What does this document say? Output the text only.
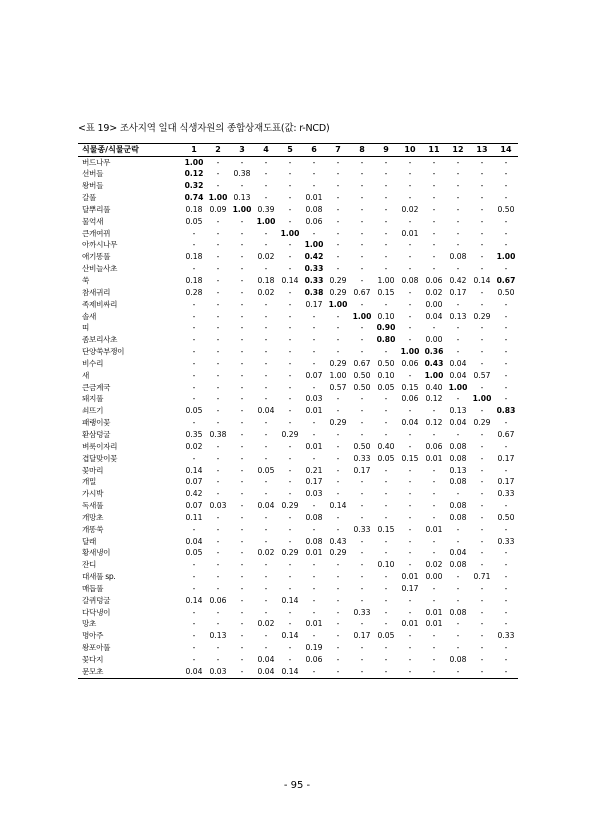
<표 19> 조사지역 일대 식생자원의 종합상재도표(값: r-NCD)
식물종/식물군락	1	2	3	4	5	6	7	8	9	10	11	12	13	14
버드나무	1.00	-	-	-	-	-	-	-	-	-	-	-	-	-
선버들	0.12	-	0.38	-	-	-	-	-	-	-	-	-	-	-
왕버들	0.32	-	-	-	-	-	-	-	-	-	-	-	-	-
갈풀	0.74	1.00	0.13	-	-	0.01	-	-	-	-	-	-	-	-
달뿌리풀	0.18	0.09	1.00	0.39	-	0.08	-	-	-	0.02	-	-	-	0.50
물억새	0.05	-	-	1.00	-	0.06	-	-	-	-	-	-	-	-
큰개여뀌	-	-	-	-	1.00	-	-	-	-	0.01	-	-	-	-
아까시나무	-	-	-	-	-	1.00	-	-	-	-	-	-	-	-
애기똥풀	0.18	-	-	0.02	-	0.42	-	-	-	-	-	0.08	-	1.00
산비늘사초	-	-	-	-	-	0.33	-	-	-	-	-	-	-	-
쑥	0.18	-	-	0.18	0.14	0.33	0.29	-	1.00	0.08	0.06	0.42	0.14	0.67
참새귀리	0.28	-	-	0.02	-	0.38	0.29	0.67	0.15	-	0.02	0.17	-	0.50
족제비싸리	-	-	-	-	-	0.17	1.00	-	-	-	0.00	-	-	-
솔새	-	-	-	-	-	-	-	1.00	0.10	-	0.04	0.13	0.29	-
띠	-	-	-	-	-	-	-	-	0.90	-	-	-	-	-
좀보리사초	-	-	-	-	-	-	-	-	0.80	-	0.00	-	-	-
단양쑥부쟁이	-	-	-	-	-	-	-	-	-	1.00	0.36	-	-	-
비수리	-	-	-	-	-	-	0.29	0.67	0.50	0.06	0.43	0.04	-	-
새	-	-	-	-	-	0.07	1.00	0.50	0.10	-	1.00	0.04	0.57	-
큰금계국	-	-	-	-	-	-	0.57	0.50	0.05	0.15	0.40	1.00	-	-
돼지풀	-	-	-	-	-	0.03	-	-	-	0.06	0.12	-	1.00	-
쇠뜨기	0.05	-	-	0.04	-	0.01	-	-	-	-	-	0.13	-	0.83
패랭이꽃	-	-	-	-	-	-	0.29	-	-	0.04	0.12	0.04	0.29	-
환삼덩굴	0.35	0.38	-	-	0.29	-	-	-	-	-	-	-	-	0.67
벼룩이자리	0.02	-	-	-	-	0.01	-	0.50	0.40	-	0.06	0.08	-	-
겹달맞이꽃	-	-	-	-	-	-	-	0.33	0.05	0.15	0.01	0.08	-	0.17
꽃마리	0.14	-	-	0.05	-	0.21	-	0.17	-	-	-	0.13	-	-
개밀	0.07	-	-	-	-	0.17	-	-	-	-	-	0.08	-	0.17
가시박	0.42	-	-	-	-	0.03	-	-	-	-	-	-	-	0.33
독새풀	0.07	0.03	-	0.04	0.29	-	0.14	-	-	-	-	0.08	-	-
개망초	0.11	-	-	-	-	0.08	-	-	-	-	-	0.08	-	0.50
개똥쑥	-	-	-	-	-	-	-	0.33	0.15	-	0.01	-	-	-
달래	0.04	-	-	-	-	0.08	0.43	-	-	-	-	-	-	0.33
황새냉이	0.05	-	-	0.02	0.29	0.01	0.29	-	-	-	-	0.04	-	-
잔디	-	-	-	-	-	-	-	-	0.10	-	0.02	0.08	-	-
대새풀 sp.	-	-	-	-	-	-	-	-	-	0.01	0.00	-	0.71	-
매듭풀	-	-	-	-	-	-	-	-	-	0.17	-	-	-	-
갈퀴덩굴	0.14	0.06	-	-	0.14	-	-	-	-	-	-	-	-	-
다닥냉이	-	-	-	-	-	-	-	0.33	-	-	0.01	0.08	-	-
망초	-	-	-	0.02	-	0.01	-	-	-	0.01	0.01	-	-	-
명아주	-	0.13	-	-	0.14	-	-	0.17	0.05	-	-	-	-	0.33
왕포아풀	-	-	-	-	-	0.19	-	-	-	-	-	-	-	-
꽃다지	-	-	-	0.04	-	0.06	-	-	-	-	-	0.08	-	-
문모초	0.04	0.03	-	0.04	0.14	-	-	-	-	-	-	-	-	-
- 95 -
